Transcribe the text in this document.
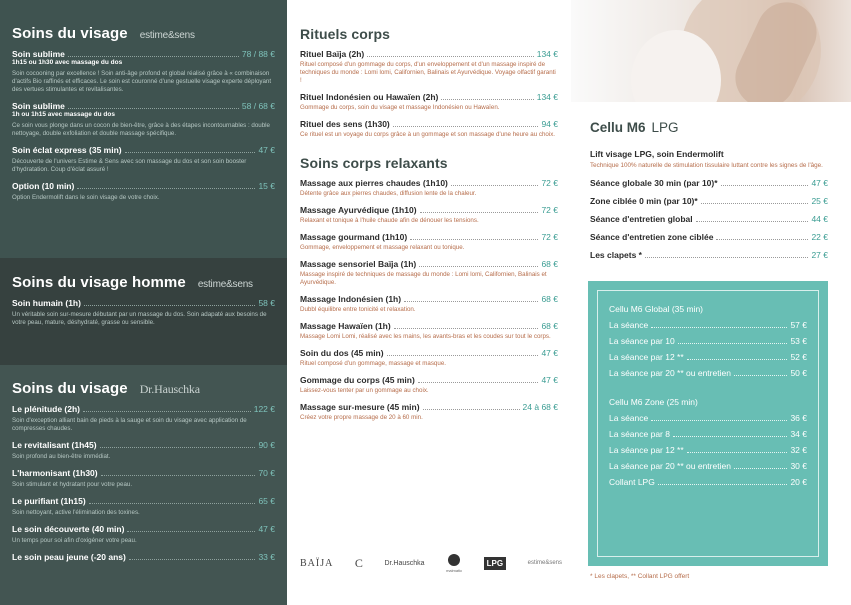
Soins du visage estime&sens
Soin sublime	78 / 88 €
1h15 ou 1h30 avec massage du dos
Soin cocooning par excellence ! Soin anti-âge profond et global réalisé grâce à « combinaison d'actifs Bio raffinés et efficaces. Le soin est couronné d'une gestuelle visage experte déployant des vertues stimulantes et revitalisantes.
Soin sublime	58 / 68 €
1h ou 1h15 avec massage du dos
Ce soin vous plonge dans un cocon de bien-être, grâce à des étapes incontournables : double nettoyage, double exfoliation et double massage spécifique.
Soin éclat express (35 min)	47 €
Découverte de l'univers Estime & Sens avec son massage du dos et son soin booster d'hydratation. Coup d'éclat assuré !
Option (10 min)	15 €
Option Endermolift dans le soin visage de votre choix.
Soins du visage homme estime&sens
Soin humain (1h)	58 €
Un véritable soin sur-mesure débutant par un massage du dos. Soin adapaté aux besoins de votre peau, mature, déshydraté, grasse ou sensible.
Soins du visage Dr.Hauschka
Le plénitude (2h)	122 €
Soin d'exception alliant bain de pieds à la sauge et soin du visage avec application de compresses chaudes.
Le revitalisant (1h45)	90 €
Soin profond au bien-être immédiat.
L'harmonisant (1h30)	70 €
Soin stimulant et hydratant pour votre peau.
Le purifiant (1h15)	65 €
Soin nettoyant, active l'élimination des toxines.
Le soin découverte (40 min)	47 €
Un temps pour soi afin d'oxigéner votre peau.
Le soin peau jeune (-20 ans)	33 €
Rituels corps
Rituel Baïja (2h)	134 €
Rituel composé d'un gommage du corps, d'un enveloppement et d'un massage inspiré de techniques du monde : Lomi lomi, Californien, Balinais et Ayurvédique. Voyage olfactif garanti !
Rituel Indonésien ou Hawaïen (2h)	134 €
Gommage du corps, soin du visage et massage Indonésien ou Hawaïen.
Rituel des sens (1h30)	94 €
Ce rituel est un voyage du corps grâce à un gommage et son massage d'une heure au choix.
Soins corps relaxants
Massage aux pierres chaudes (1h10)	72 €
Détente grâce aux pierres chaudes, diffusion lente de la chaleur.
Massage Ayurvédique (1h10)	72 €
Relaxant et tonique à l'huile chaude afin de dénouer les tensions.
Massage gourmand (1h10)	72 €
Gommage, enveloppement et massage relaxant ou tonique.
Massage sensoriel Baïja (1h)	68 €
Massage inspiré de techniques de massage du monde : Lomi lomi, Californien, Balinais et Ayurvédique.
Massage Indonésien (1h)	68 €
Dubbl équilibre entre tonicité et relaxation.
Massage Hawaïen (1h)	68 €
Massage Lomi Lomi, réalisé avec les mains, les avants-bras et les coudes sur tout le corps.
Soin du dos (45 min)	47 €
Rituel composé d'un gommage, massage et masque.
Gommage du corps (45 min)	47 €
Laissez-vous tenter par un gommage au choix.
Massage sur-mesure (45 min)	24 à 68 €
Créez votre propre massage de 20 à 60 min.
BAÏJA C	Dr.Hauschka
malmatic
LPG	estime&sens
Cellu M6 LPG
Lift visage LPG, soin Endermolift
Technique 100% naturelle de stimulation tissulaire luttant contre les signes de l'âge.
Séance globale 30 min (par 10)*	47 €
Zone ciblée 0 min (par 10)*	25 €
Séance d'entretien global	44 €
Séance d'entretien zone ciblée	22 €
Les clapets *	27 €
Cellu M6 Global (35 min)
La séance	57 €
La séance par 10	53 €
La séance par 12 **	52 €
La séance par 20 ** ou entretien	50 €
Cellu M6 Zone (25 min)
La séance	36 €
La séance par 8	34 €
La séance par 12 **	32 €
La séance par 20 ** ou entretien	30 €
Collant LPG	20 €
* Les clapets, ** Collant LPG offert
